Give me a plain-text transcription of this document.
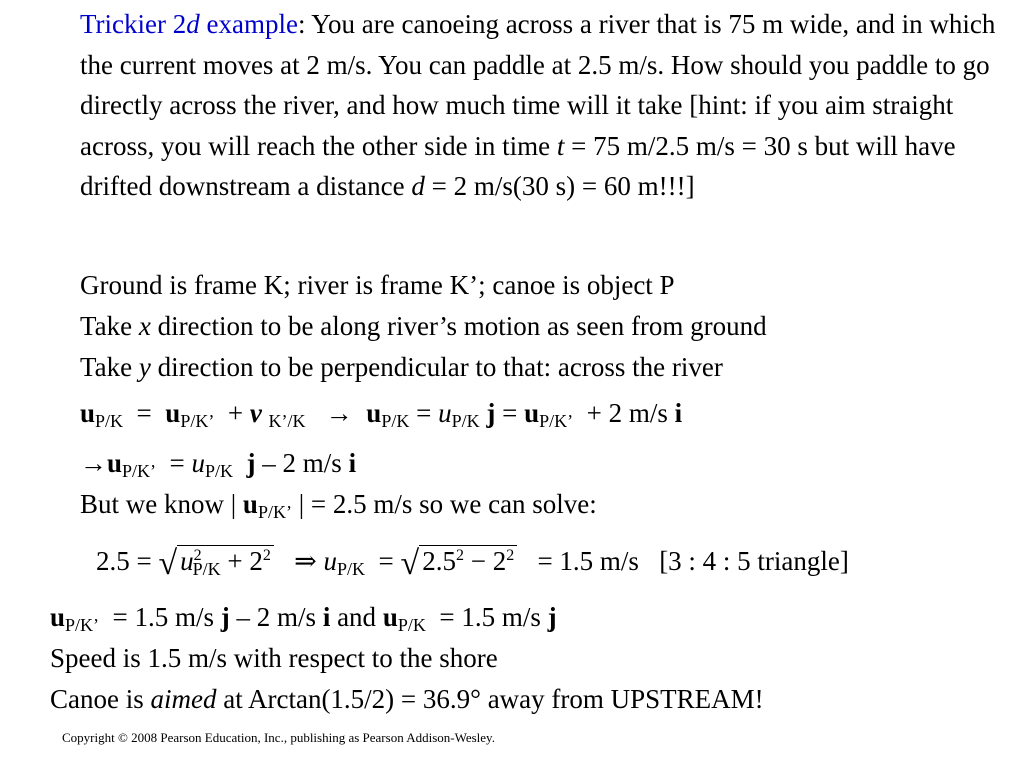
Trickier 2d example: You are canoeing across a river that is 75 m wide, and in which the current moves at 2 m/s. You can paddle at 2.5 m/s. How should you paddle to go directly across the river, and how much time will it take [hint: if you aim straight across, you will reach the other side in time t = 75 m/2.5 m/s = 30 s but will have drifted downstream a distance d = 2 m/s(30 s) = 60 m!!!]
Ground is frame K; river is frame K’; canoe is object P
Take x direction to be along river’s motion as seen from ground
Take y direction to be perpendicular to that: across the river
$u_{P/K} = u_{P/K’} + v$ $_{K’/K} \to u_{P/K} = u_{P/K}$ $j = u_{P/K’} + 2$ m/s i
$\to u_{P/K’} = u_{P/K}$ j – 2 m/s i
But we know | $u_{P/K’}$ | = 2.5 m/s so we can solve:
2.5 = √ $u^2_{P/K} + 2^2$ ⇒ $u_{P/K}$ = √ $2.5^2 - 2^2 = 1.5$ m/s [3 : 4 : 5 triangle]
$u_{P/K’} = 1.5$ m/s j – 2 m/s i and $u_{P/K} = 1.5$ m/s j
Speed is 1.5 m/s with respect to the shore
Canoe is aimed at Arctan(1.5/2) = 36.9° away from UPSTREAM!
Copyright © 2008 Pearson Education, Inc., publishing as Pearson Addison-Wesley.
